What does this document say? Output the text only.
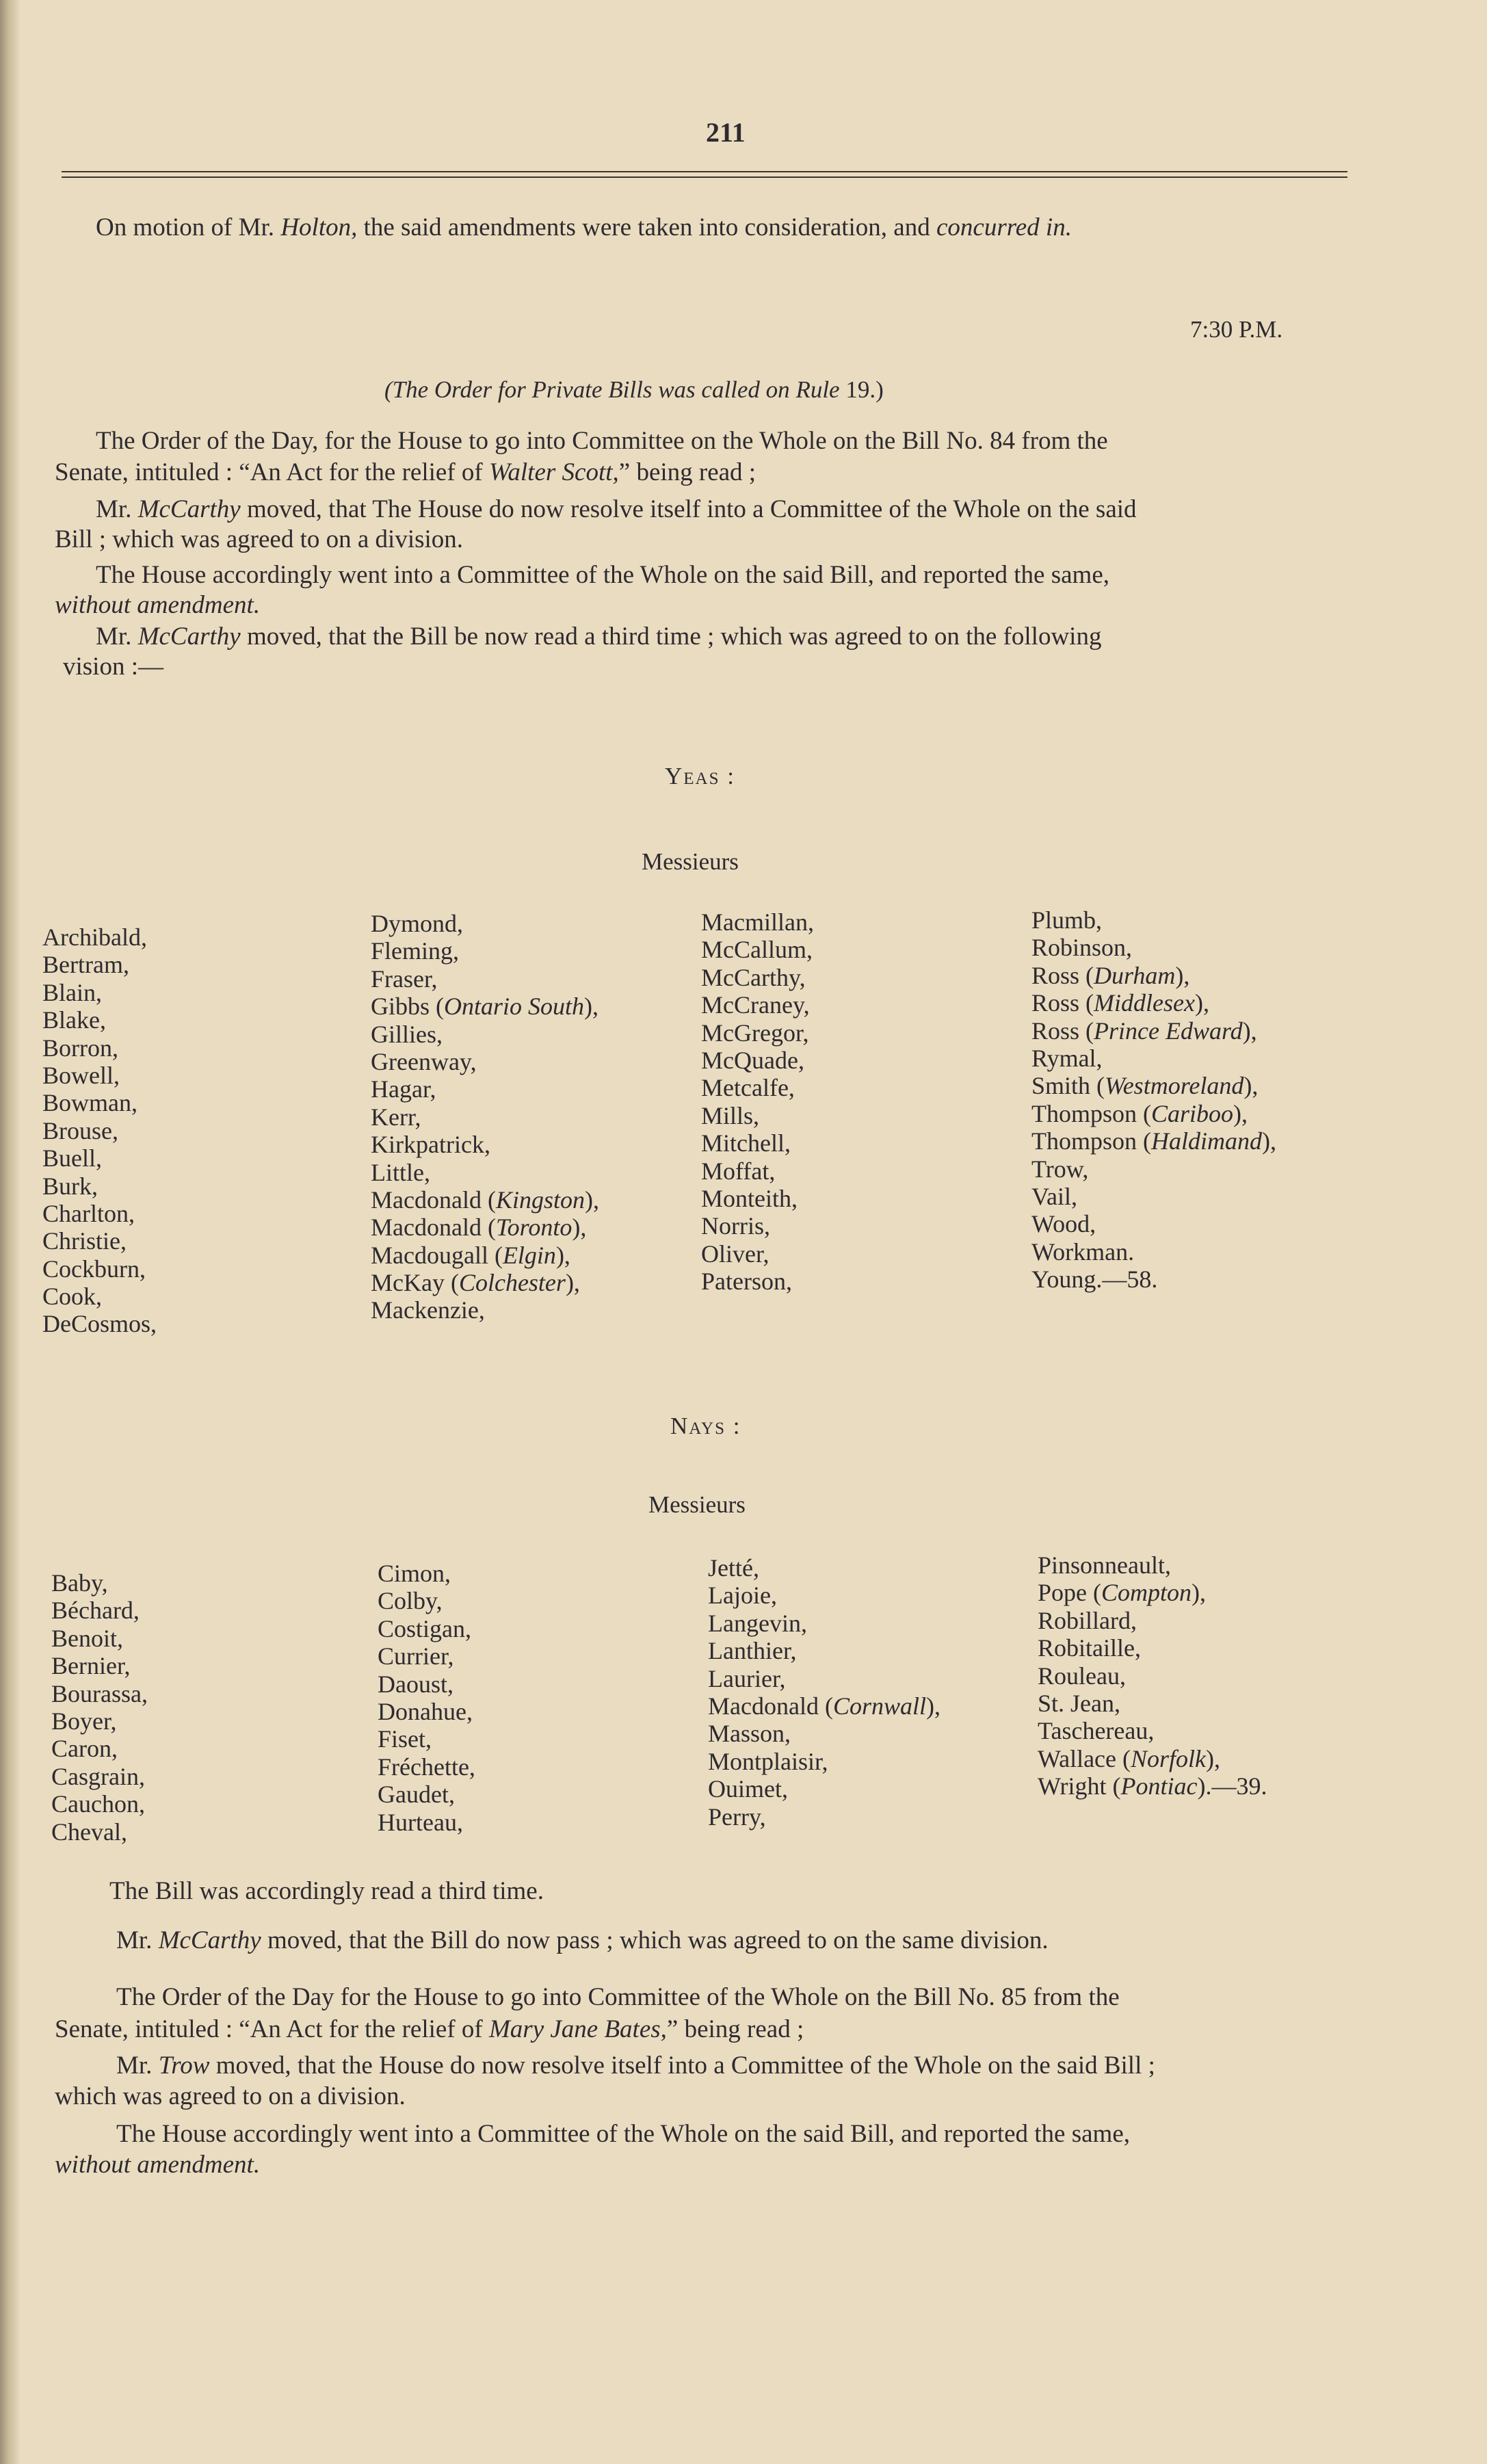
211
On motion of Mr. Holton, the said amendments were taken into consideration, and concurred in.
7:30 P.M.
(The Order for Private Bills was called on Rule 19.)
The Order of the Day, for the House to go into Committee on the Whole on the Bill No. 84 from the
Senate, intituled : “An Act for the relief of Walter Scott,” being read ;
Mr. McCarthy moved, that The House do now resolve itself into a Committee of the Whole on the said
Bill ; which was agreed to on a division.
The House accordingly went into a Committee of the Whole on the said Bill, and reported the same,
without amendment.
Mr. McCarthy moved, that the Bill be now read a third time ; which was agreed to on the following
vision :—
Yeas :
Messieurs
Archibald,
Bertram,
Blain,
Blake,
Borron,
Bowell,
Bowman,
Brouse,
Buell,
Burk,
Charlton,
Christie,
Cockburn,
Cook,
DeCosmos,
Dymond,
Fleming,
Fraser,
Gibbs (Ontario South),
Gillies,
Greenway,
Hagar,
Kerr,
Kirkpatrick,
Little,
Macdonald (Kingston),
Macdonald (Toronto),
Macdougall (Elgin),
McKay (Colchester),
Mackenzie,
Macmillan,
McCallum,
McCarthy,
McCraney,
McGregor,
McQuade,
Metcalfe,
Mills,
Mitchell,
Moffat,
Monteith,
Norris,
Oliver,
Paterson,
Plumb,
Robinson,
Ross (Durham),
Ross (Middlesex),
Ross (Prince Edward),
Rymal,
Smith (Westmoreland),
Thompson (Cariboo),
Thompson (Haldimand),
Trow,
Vail,
Wood,
Workman.
Young.—58.
Nays :
Messieurs
Baby,
Béchard,
Benoit,
Bernier,
Bourassa,
Boyer,
Caron,
Casgrain,
Cauchon,
Cheval,
Cimon,
Colby,
Costigan,
Currier,
Daoust,
Donahue,
Fiset,
Fréchette,
Gaudet,
Hurteau,
Jetté,
Lajoie,
Langevin,
Lanthier,
Laurier,
Macdonald (Cornwall),
Masson,
Montplaisir,
Ouimet,
Perry,
Pinsonneault,
Pope (Compton),
Robillard,
Robitaille,
Rouleau,
St. Jean,
Taschereau,
Wallace (Norfolk),
Wright (Pontiac).—39.
The Bill was accordingly read a third time.
Mr. McCarthy moved, that the Bill do now pass ; which was agreed to on the same division.
The Order of the Day for the House to go into Committee of the Whole on the Bill No. 85 from the
Senate, intituled : “An Act for the relief of Mary Jane Bates,” being read ;
Mr. Trow moved, that the House do now resolve itself into a Committee of the Whole on the said Bill ;
which was agreed to on a division.
The House accordingly went into a Committee of the Whole on the said Bill, and reported the same,
without amendment.
